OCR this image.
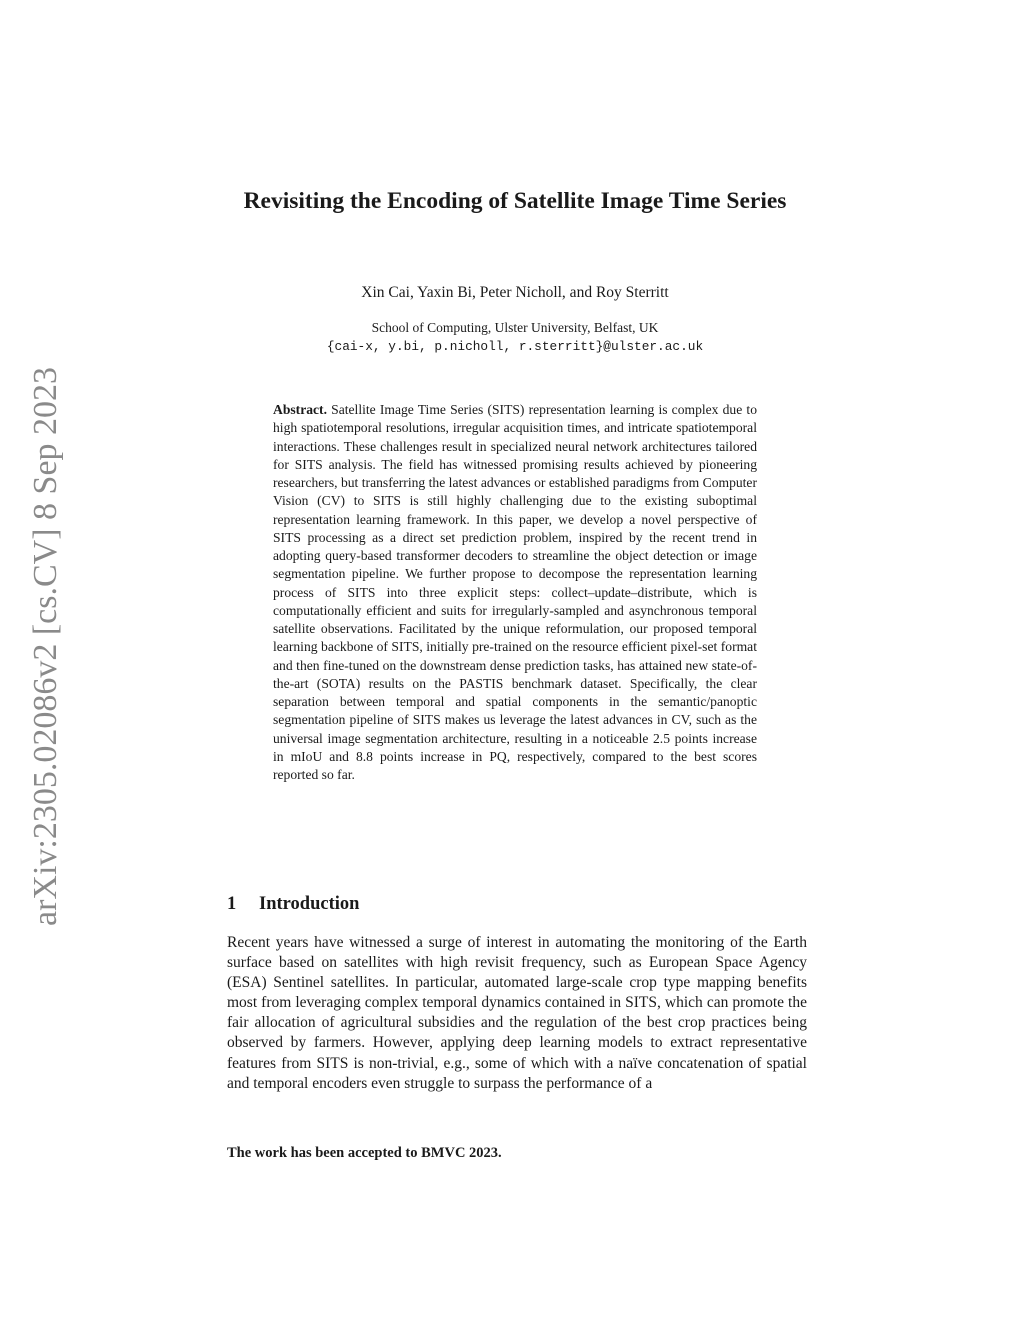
arXiv:2305.02086v2 [cs.CV] 8 Sep 2023
Revisiting the Encoding of Satellite Image Time Series
Xin Cai, Yaxin Bi, Peter Nicholl, and Roy Sterritt
School of Computing, Ulster University, Belfast, UK
{cai-x, y.bi, p.nicholl, r.sterritt}@ulster.ac.uk

Abstract. Satellite Image Time Series (SITS) representation learning is complex due to high spatiotemporal resolutions, irregular acquisition times, and intricate spatiotemporal interactions. These challenges result in specialized neural network architectures tailored for SITS analysis. The field has witnessed promising results achieved by pioneering researchers, but transferring the latest advances or established paradigms from Computer Vision (CV) to SITS is still highly challenging due to the existing suboptimal representation learning framework. In this paper, we develop a novel perspective of SITS processing as a direct set prediction problem, inspired by the recent trend in adopting query-based transformer decoders to streamline the object detection or image segmentation pipeline. We further propose to decompose the representation learning process of SITS into three explicit steps: collect–update–distribute, which is computationally efficient and suits for irregularly-sampled and asynchronous temporal satellite observations. Facilitated by the unique reformulation, our proposed temporal learning backbone of SITS, initially pre-trained on the resource efficient pixel-set format and then fine-tuned on the downstream dense prediction tasks, has attained new state-of-the-art (SOTA) results on the PASTIS benchmark dataset. Specifically, the clear separation between temporal and spatial components in the semantic/panoptic segmentation pipeline of SITS makes us leverage the latest advances in CV, such as the universal image segmentation architecture, resulting in a noticeable 2.5 points increase in mIoU and 8.8 points increase in PQ, respectively, compared to the best scores reported so far.

1 Introduction

Recent years have witnessed a surge of interest in automating the monitoring of the Earth surface based on satellites with high revisit frequency, such as European Space Agency (ESA) Sentinel satellites. In particular, automated large-scale crop type mapping benefits most from leveraging complex temporal dynamics contained in SITS, which can promote the fair allocation of agricultural subsidies and the regulation of the best crop practices being observed by farmers. However, applying deep learning models to extract representative features from SITS is non-trivial, e.g., some of which with a naïve concatenation of spatial and temporal encoders even struggle to surpass the performance of a

The work has been accepted to BMVC 2023.
